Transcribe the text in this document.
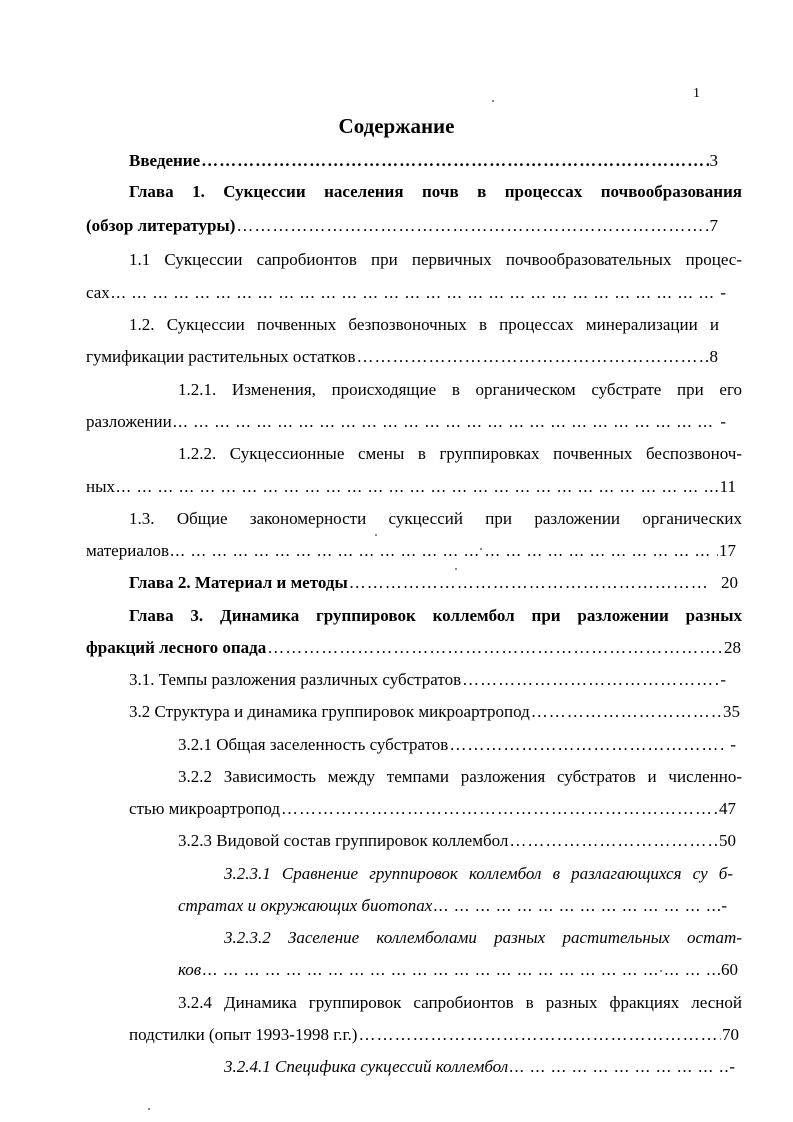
1
Содержание
Введение ……………………………………………………………………………………………………………………………………………………………………………………………………………………	3
Глава 1. Сукцессии населения почв в процессах почвообразования
(обзор литературы) ……………………………………………………………………………………………………………………………………………………………………………………………………………………	7
1.1 Сукцессии сапробионтов при первичных почвообразовательных процес-
сах ... .	-
1.2. Сукцессии почвенных безпозвоночных в процессах минерализации и
гумификации растительных остатков ……………………………………………………………………………………………………………………………………………………………………………………………………………………	8
1.2.1. Изменения, происходящие в органическом субстрате при его
разложении ... .	-
1.2.2. Сукцессионные смены в группировках почвенных беспозвоноч-
ных ... .	11
1.3. Общие закономерности сукцессий при разложении органических
материалов ... .	17
Глава 2. Материал и методы ……………………………………………………………………………………………………………………………………………………………………………………………………………………	20
Глава 3. Динамика группировок коллембол при разложении разных
фракций лесного опада ……………………………………………………………………………………………………………………………………………………………………………………………………………………	28
3.1. Темпы разложения различных субстратов ……………………………………………………………………………………………………………………………………………………………………………………………………………………	-
3.2 Структура и динамика группировок микроартропод ……………………………………………………………………………………………………………………………………………………………………………………………………………………	35
3.2.1 Общая заселенность субстратов ……………………………………………………………………………………………………………………………………………………………………………………………………………………	-
3.2.2 Зависимость между темпами разложения субстратов и численно-
стью микроартропод ……………………………………………………………………………………………………………………………………………………………………………………………………………………	47
3.2.3 Видовой состав группировок коллембол ……………………………………………………………………………………………………………………………………………………………………………………………………………………	50
3.2.3.1 Сравнение группировок коллембол в разлагающихся су б-
стратах и окружающих биотопах ... .	-
3.2.3.2 Заселение коллемболами разных растительных остат-
ков ... .	60
3.2.4 Динамика группировок сапробионтов в разных фракциях лесной
подстилки (опыт 1993-1998 г.г.) ……………………………………………………………………………………………………………………………………………………………………………………………………………………	70
3.2.4.1 Специфика сукцессий коллембол ... .	-
